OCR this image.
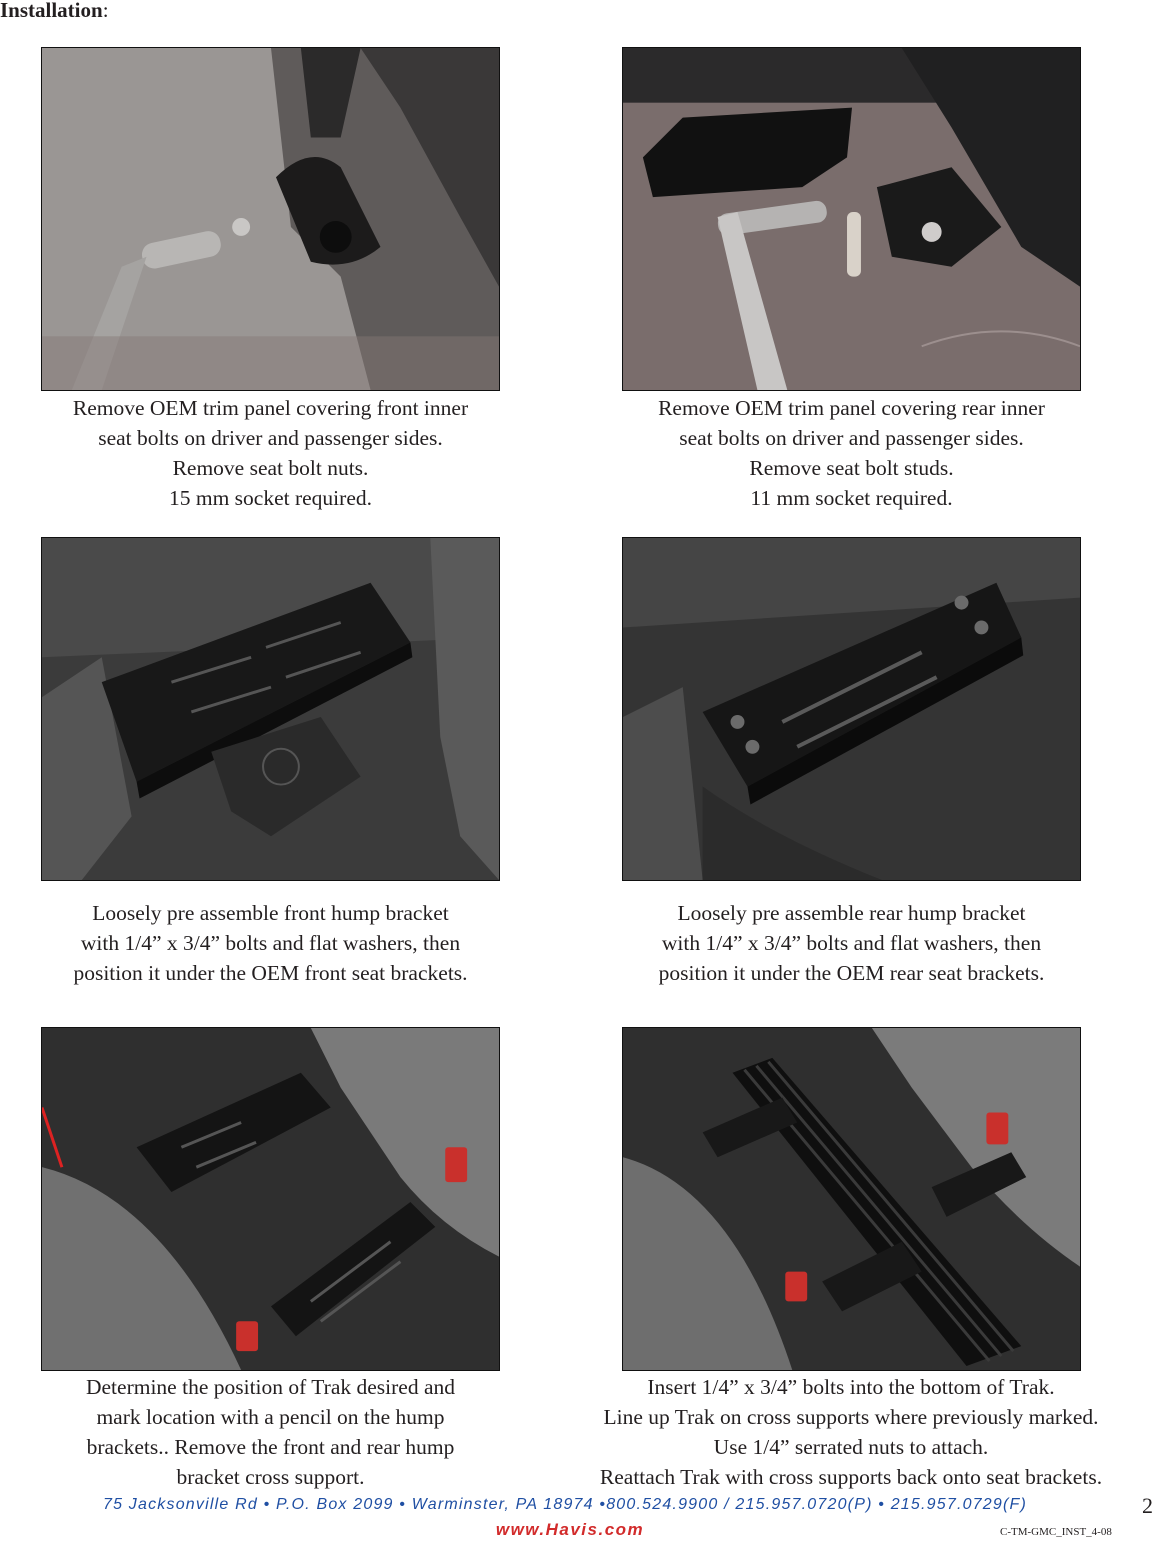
Installation:
Remove OEM trim panel covering front inner
seat bolts on driver and passenger sides.
Remove seat bolt nuts.
15 mm socket required.
Remove OEM trim panel covering rear inner
seat bolts on driver and passenger sides.
Remove seat bolt studs.
11 mm socket required.
Loosely pre assemble front hump bracket
with 1/4” x 3/4” bolts and flat washers, then
position it under the OEM front seat brackets.
Loosely pre assemble rear hump bracket
with 1/4” x 3/4” bolts and flat washers, then
position it under the OEM rear seat brackets.
Determine the position of Trak desired and
mark location with a pencil on the hump
brackets.. Remove the front and rear hump
bracket cross support.
Insert 1/4” x 3/4” bolts into the bottom of Trak.
Line up Trak on cross supports where previously marked.
Use 1/4” serrated nuts to attach.
Reattach Trak with cross supports back onto seat brackets.
75 Jacksonville Rd • P.O. Box 2099 • Warminster, PA 18974 •800.524.9900 / 215.957.0720(P) • 215.957.0729(F)
www.Havis.com
2
C-TM-GMC_INST_4-08
